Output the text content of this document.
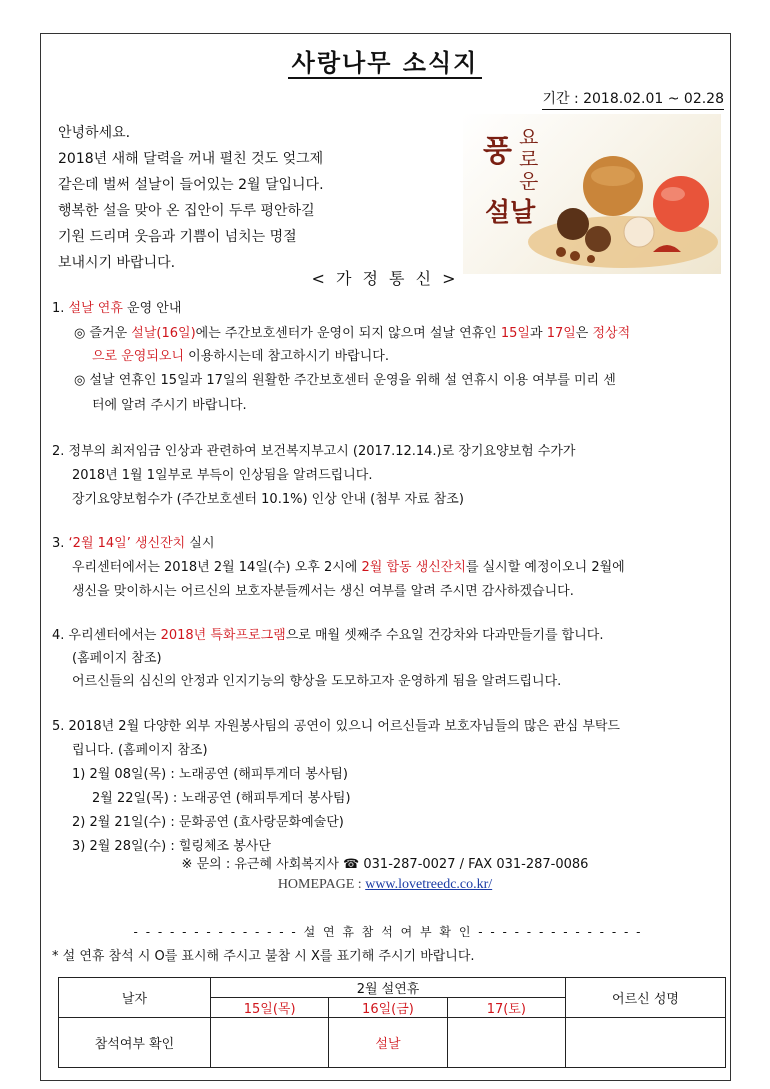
사랑나무 소식지
기간 : 2018.02.01 ~ 02.28
안녕하세요.
2018년 새해 달력을 꺼내 펼친 것도 엊그제
같은데 벌써 설날이 들어있는 2월 달입니다.
행복한 설을 맞아 온 집안이 두루 평안하길
기원 드리며 웃음과 기쁨이 넘치는 명절
보내시기 바랍니다.
풍 요로운
설날
< 가 정 통 신 >
1. 설날 연휴 운영 안내
◎ 즐거운 설날(16일)에는 주간보호센터가 운영이 되지 않으며 설날 연휴인 15일과 17일은 정상적
으로 운영되오니 이용하시는데 참고하시기 바랍니다.
◎ 설날 연휴인 15일과 17일의 원활한 주간보호센터 운영을 위해 설 연휴시 이용 여부를 미리 센
터에 알려 주시기 바랍니다.
2. 정부의 최저임금 인상과 관련하여 보건복지부고시 (2017.12.14.)로 장기요양보험 수가가
2018년 1월 1일부로 부득이 인상됨을 알려드립니다.
장기요양보험수가 (주간보호센터 10.1%) 인상 안내 (첨부 자료 참조)
3. ‘2월 14일’ 생신잔치 실시
우리센터에서는 2018년 2월 14일(수) 오후 2시에 2월 합동 생신잔치를 실시할 예정이오니 2월에
생신을 맞이하시는 어르신의 보호자분들께서는 생신 여부를 알려 주시면 감사하겠습니다.
4. 우리센터에서는 2018년 특화프로그램으로 매월 셋째주 수요일 건강차와 다과만들기를 합니다.
(홈페이지 참조)
어르신들의 심신의 안정과 인지기능의 향상을 도모하고자 운영하게 됨을 알려드립니다.
5. 2018년 2월 다양한 외부 자원봉사팀의 공연이 있으니 어르신들과 보호자님들의 많은 관심 부탁드
립니다. (홈페이지 참조)
1) 2월 08일(목) : 노래공연 (해피투게더 봉사팀)
2월 22일(목) : 노래공연 (해피투게더 봉사팀)
2) 2월 21일(수) : 문화공연 (효사랑문화예술단)
3) 2월 28일(수) : 힐링체조 봉사단
※ 문의 : 유근혜 사회복지사 ☎ 031-287-0027 / FAX 031-287-0086
HOMEPAGE : www.lovetreedc.co.kr/
- - - - - - - - - - - - - - 설 연 휴 참 석 여 부 확 인 - - - - - - - - - - - - - -
* 설 연휴 참석 시 O를 표시해 주시고 불참 시 X를 표기해 주시기 바랍니다.
날자	2월 설연휴			어르신 성명
	15일(목)	16일(금)	17(토)	
참석여부 확인		설날		
